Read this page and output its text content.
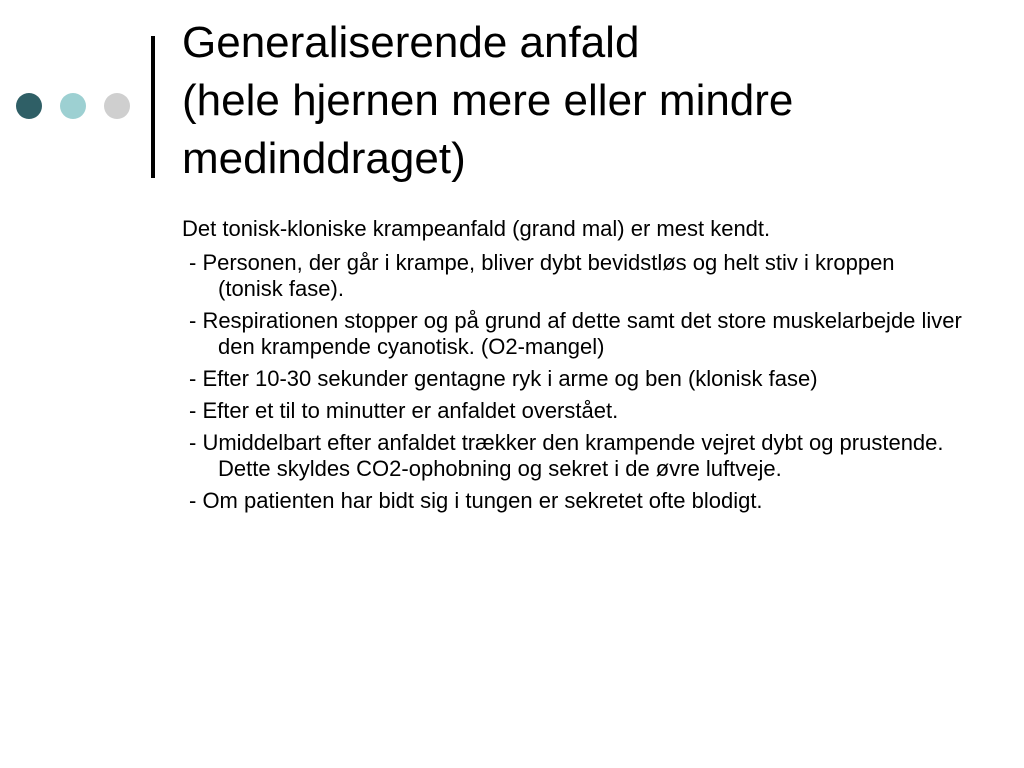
Generaliserende anfald
(hele hjernen mere eller mindre
medinddraget)

Det tonisk-kloniske krampeanfald (grand mal) er mest kendt.

- Personen, der går i krampe, bliver dybt bevidstløs og helt stiv i kroppen (tonisk fase).
- Respirationen stopper og på grund af dette samt det store muskelarbejde liver den krampende cyanotisk. (O2-mangel)
- Efter 10-30 sekunder gentagne ryk i arme og ben (klonisk fase)
- Efter et til to minutter er anfaldet overstået.
- Umiddelbart efter anfaldet trækker den krampende vejret dybt og prustende. Dette skyldes CO2-ophobning og sekret i de øvre luftveje.
- Om patienten har bidt sig i tungen er sekretet ofte blodigt.
